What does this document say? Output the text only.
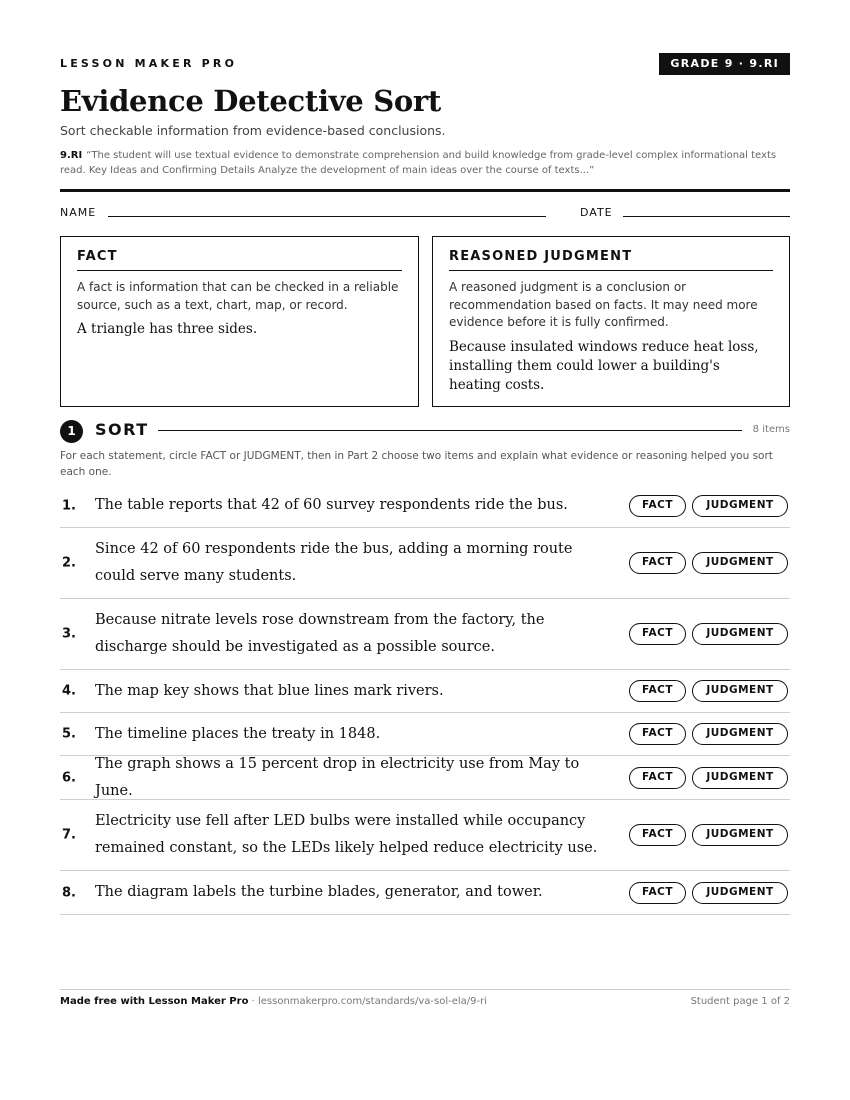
LESSON MAKER PRO	GRADE 9 · 9.RI
Evidence Detective Sort
Sort checkable information from evidence-based conclusions.
9.RI “The student will use textual evidence to demonstrate comprehension and build knowledge from grade-level complex informational texts read. Key Ideas and Confirming Details Analyze the development of main ideas over the course of texts...”
NAME	DATE
FACT
A fact is information that can be checked in a reliable source, such as a text, chart, map, or record.
A triangle has three sides.
REASONED JUDGMENT
A reasoned judgment is a conclusion or recommendation based on facts. It may need more evidence before it is fully confirmed.
Because insulated windows reduce heat loss, installing them could lower a building's heating costs.
1	SORT	8 items
For each statement, circle FACT or JUDGMENT, then in Part 2 choose two items and explain what evidence or reasoning helped you sort each one.
1. The table reports that 42 of 60 survey respondents ride the bus.	FACT	JUDGMENT
2.
Since 42 of 60 respondents ride the bus, adding a morning route could serve many students.
FACT	JUDGMENT
3.
Because nitrate levels rose downstream from the factory, the discharge should be investigated as a possible source.
FACT	JUDGMENT
4. The map key shows that blue lines mark rivers.	FACT	JUDGMENT
5. The timeline places the treaty in 1848.	FACT	JUDGMENT
6.
The graph shows a 15 percent drop in electricity use from May to June.
FACT	JUDGMENT
7.
Electricity use fell after LED bulbs were installed while occupancy remained constant, so the LEDs likely helped reduce electricity use.
FACT	JUDGMENT
8. The diagram labels the turbine blades, generator, and tower.	FACT	JUDGMENT
Made free with Lesson Maker Pro · lessonmakerpro.com/standards/va-sol-ela/9-ri	Student page 1 of 2
